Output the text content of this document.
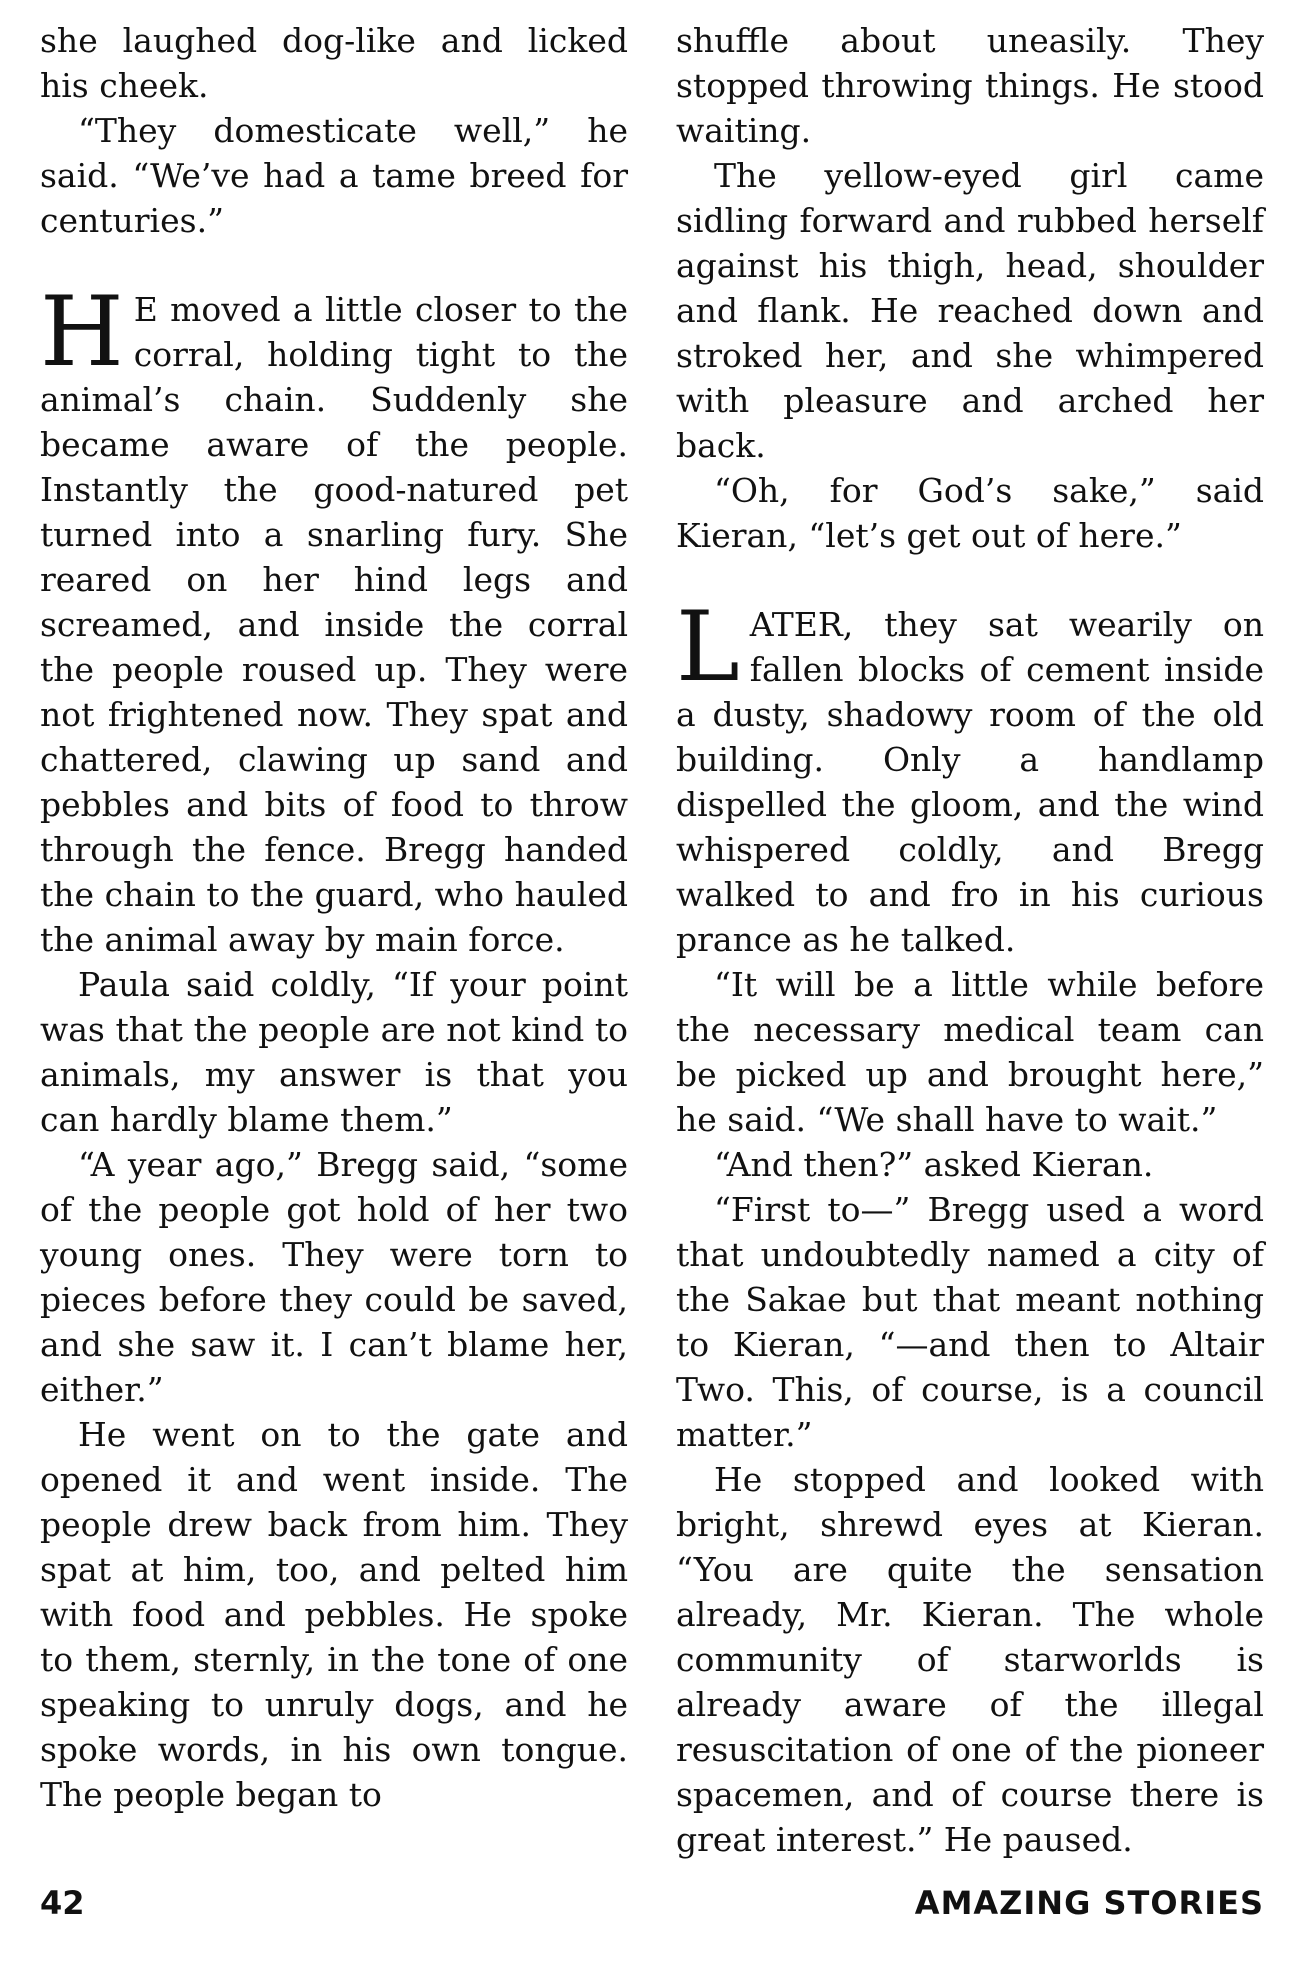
she laughed dog-like and licked his cheek.

“They domesticate well,” he said. “We’ve had a tame breed for centuries.”

H E moved a little closer to the corral, holding tight to the animal’s chain. Suddenly she became aware of the people. Instantly the good-natured pet turned into a snarling fury. She reared on her hind legs and screamed, and inside the corral the people roused up. They were not frightened now. They spat and chattered, clawing up sand and pebbles and bits of food to throw through the fence. Bregg handed the chain to the guard, who hauled the animal away by main force.

Paula said coldly, “If your point was that the people are not kind to animals, my answer is that you can hardly blame them.”

“A year ago,” Bregg said, “some of the people got hold of her two young ones. They were torn to pieces before they could be saved, and she saw it. I can’t blame her, either.”

He went on to the gate and opened it and went inside. The people drew back from him. They spat at him, too, and pelted him with food and pebbles. He spoke to them, sternly, in the tone of one speaking to unruly dogs, and he spoke words, in his own tongue. The people began to

shuffle about uneasily. They stopped throwing things. He stood waiting.

The yellow-eyed girl came sidling forward and rubbed herself against his thigh, head, shoulder and flank. He reached down and stroked her, and she whimpered with pleasure and arched her back.

“Oh, for God’s sake,” said Kieran, “let’s get out of here.”

LATER, they sat wearily on fallen blocks of cement inside a dusty, shadowy room of the old building. Only a handlamp dispelled the gloom, and the wind whispered coldly, and Bregg walked to and fro in his curious prance as he talked.

“It will be a little while before the necessary medical team can be picked up and brought here,” he said. “We shall have to wait.”

“And then?” asked Kieran.

“First to—” Bregg used a word that undoubtedly named a city of the Sakae but that meant nothing to Kieran, “—and then to Altair Two. This, of course, is a council matter.”

He stopped and looked with bright, shrewd eyes at Kieran. “You are quite the sensation already, Mr. Kieran. The whole community of starworlds is already aware of the illegal resuscitation of one of the pioneer spacemen, and of course there is great interest.” He paused.

42	AMAZING STORIES
